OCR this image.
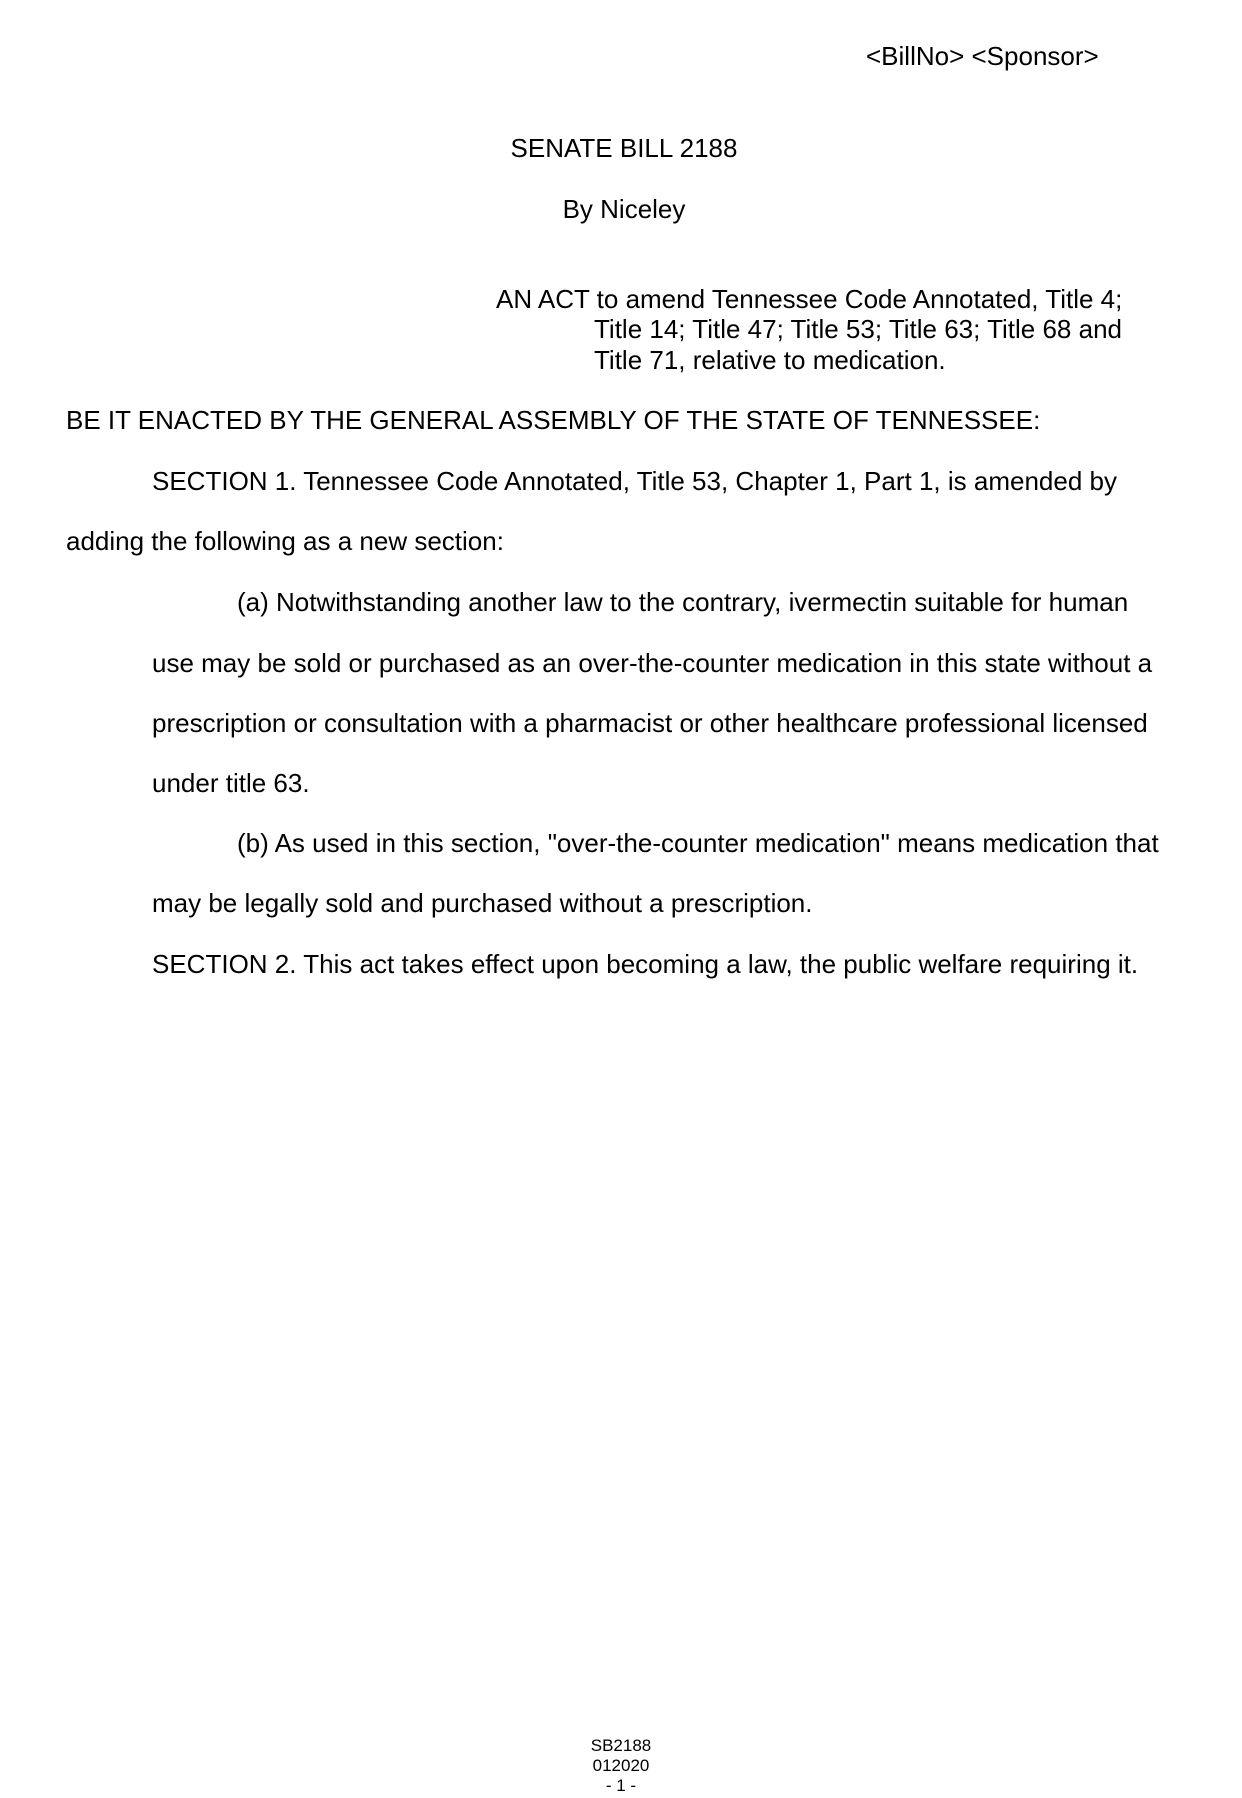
<BillNo> <Sponsor>
SENATE BILL 2188
By Niceley
AN ACT to amend Tennessee Code Annotated, Title 4;
Title 14; Title 47; Title 53; Title 63; Title 68 and
Title 71, relative to medication.
BE IT ENACTED BY THE GENERAL ASSEMBLY OF THE STATE OF TENNESSEE:
SECTION 1. Tennessee Code Annotated, Title 53, Chapter 1, Part 1, is amended by
adding the following as a new section:
(a) Notwithstanding another law to the contrary, ivermectin suitable for human
use may be sold or purchased as an over-the-counter medication in this state without a
prescription or consultation with a pharmacist or other healthcare professional licensed
under title 63.
(b) As used in this section, "over-the-counter medication" means medication that
may be legally sold and purchased without a prescription.
SECTION 2. This act takes effect upon becoming a law, the public welfare requiring it.
SB2188
012020
- 1 -
